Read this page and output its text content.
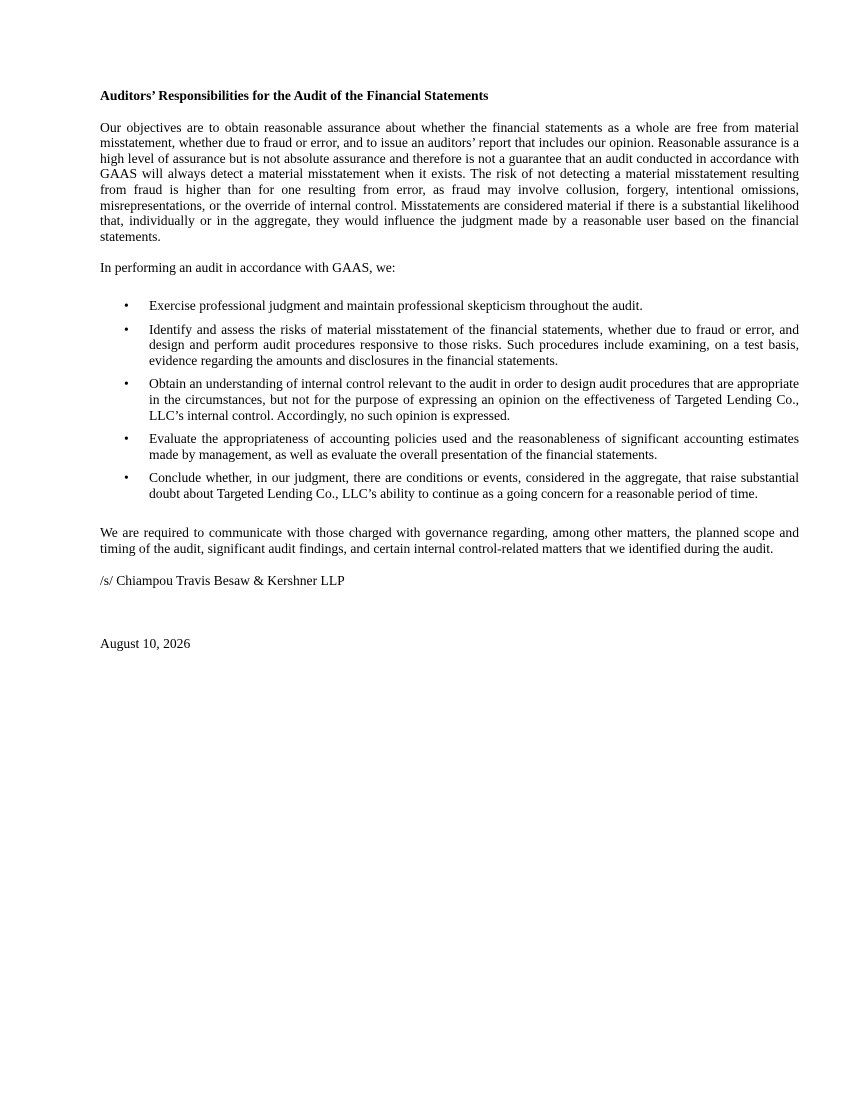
Auditors’ Responsibilities for the Audit of the Financial Statements

Our objectives are to obtain reasonable assurance about whether the financial statements as a whole are free from material misstatement, whether due to fraud or error, and to issue an auditors’ report that includes our opinion. Reasonable assurance is a high level of assurance but is not absolute assurance and therefore is not a guarantee that an audit conducted in accordance with GAAS will always detect a material misstatement when it exists. The risk of not detecting a material misstatement resulting from fraud is higher than for one resulting from error, as fraud may involve collusion, forgery, intentional omissions, misrepresentations, or the override of internal control. Misstatements are considered material if there is a substantial likelihood that, individually or in the aggregate, they would influence the judgment made by a reasonable user based on the financial statements.

In performing an audit in accordance with GAAS, we:

• Exercise professional judgment and maintain professional skepticism throughout the audit.
• Identify and assess the risks of material misstatement of the financial statements, whether due to fraud or error, and design and perform audit procedures responsive to those risks. Such procedures include examining, on a test basis, evidence regarding the amounts and disclosures in the financial statements.
• Obtain an understanding of internal control relevant to the audit in order to design audit procedures that are appropriate in the circumstances, but not for the purpose of expressing an opinion on the effectiveness of Targeted Lending Co., LLC’s internal control. Accordingly, no such opinion is expressed.
• Evaluate the appropriateness of accounting policies used and the reasonableness of significant accounting estimates made by management, as well as evaluate the overall presentation of the financial statements.
• Conclude whether, in our judgment, there are conditions or events, considered in the aggregate, that raise substantial doubt about Targeted Lending Co., LLC’s ability to continue as a going concern for a reasonable period of time.

We are required to communicate with those charged with governance regarding, among other matters, the planned scope and timing of the audit, significant audit findings, and certain internal control-related matters that we identified during the audit.

/s/ Chiampou Travis Besaw & Kershner LLP

August 10, 2026
